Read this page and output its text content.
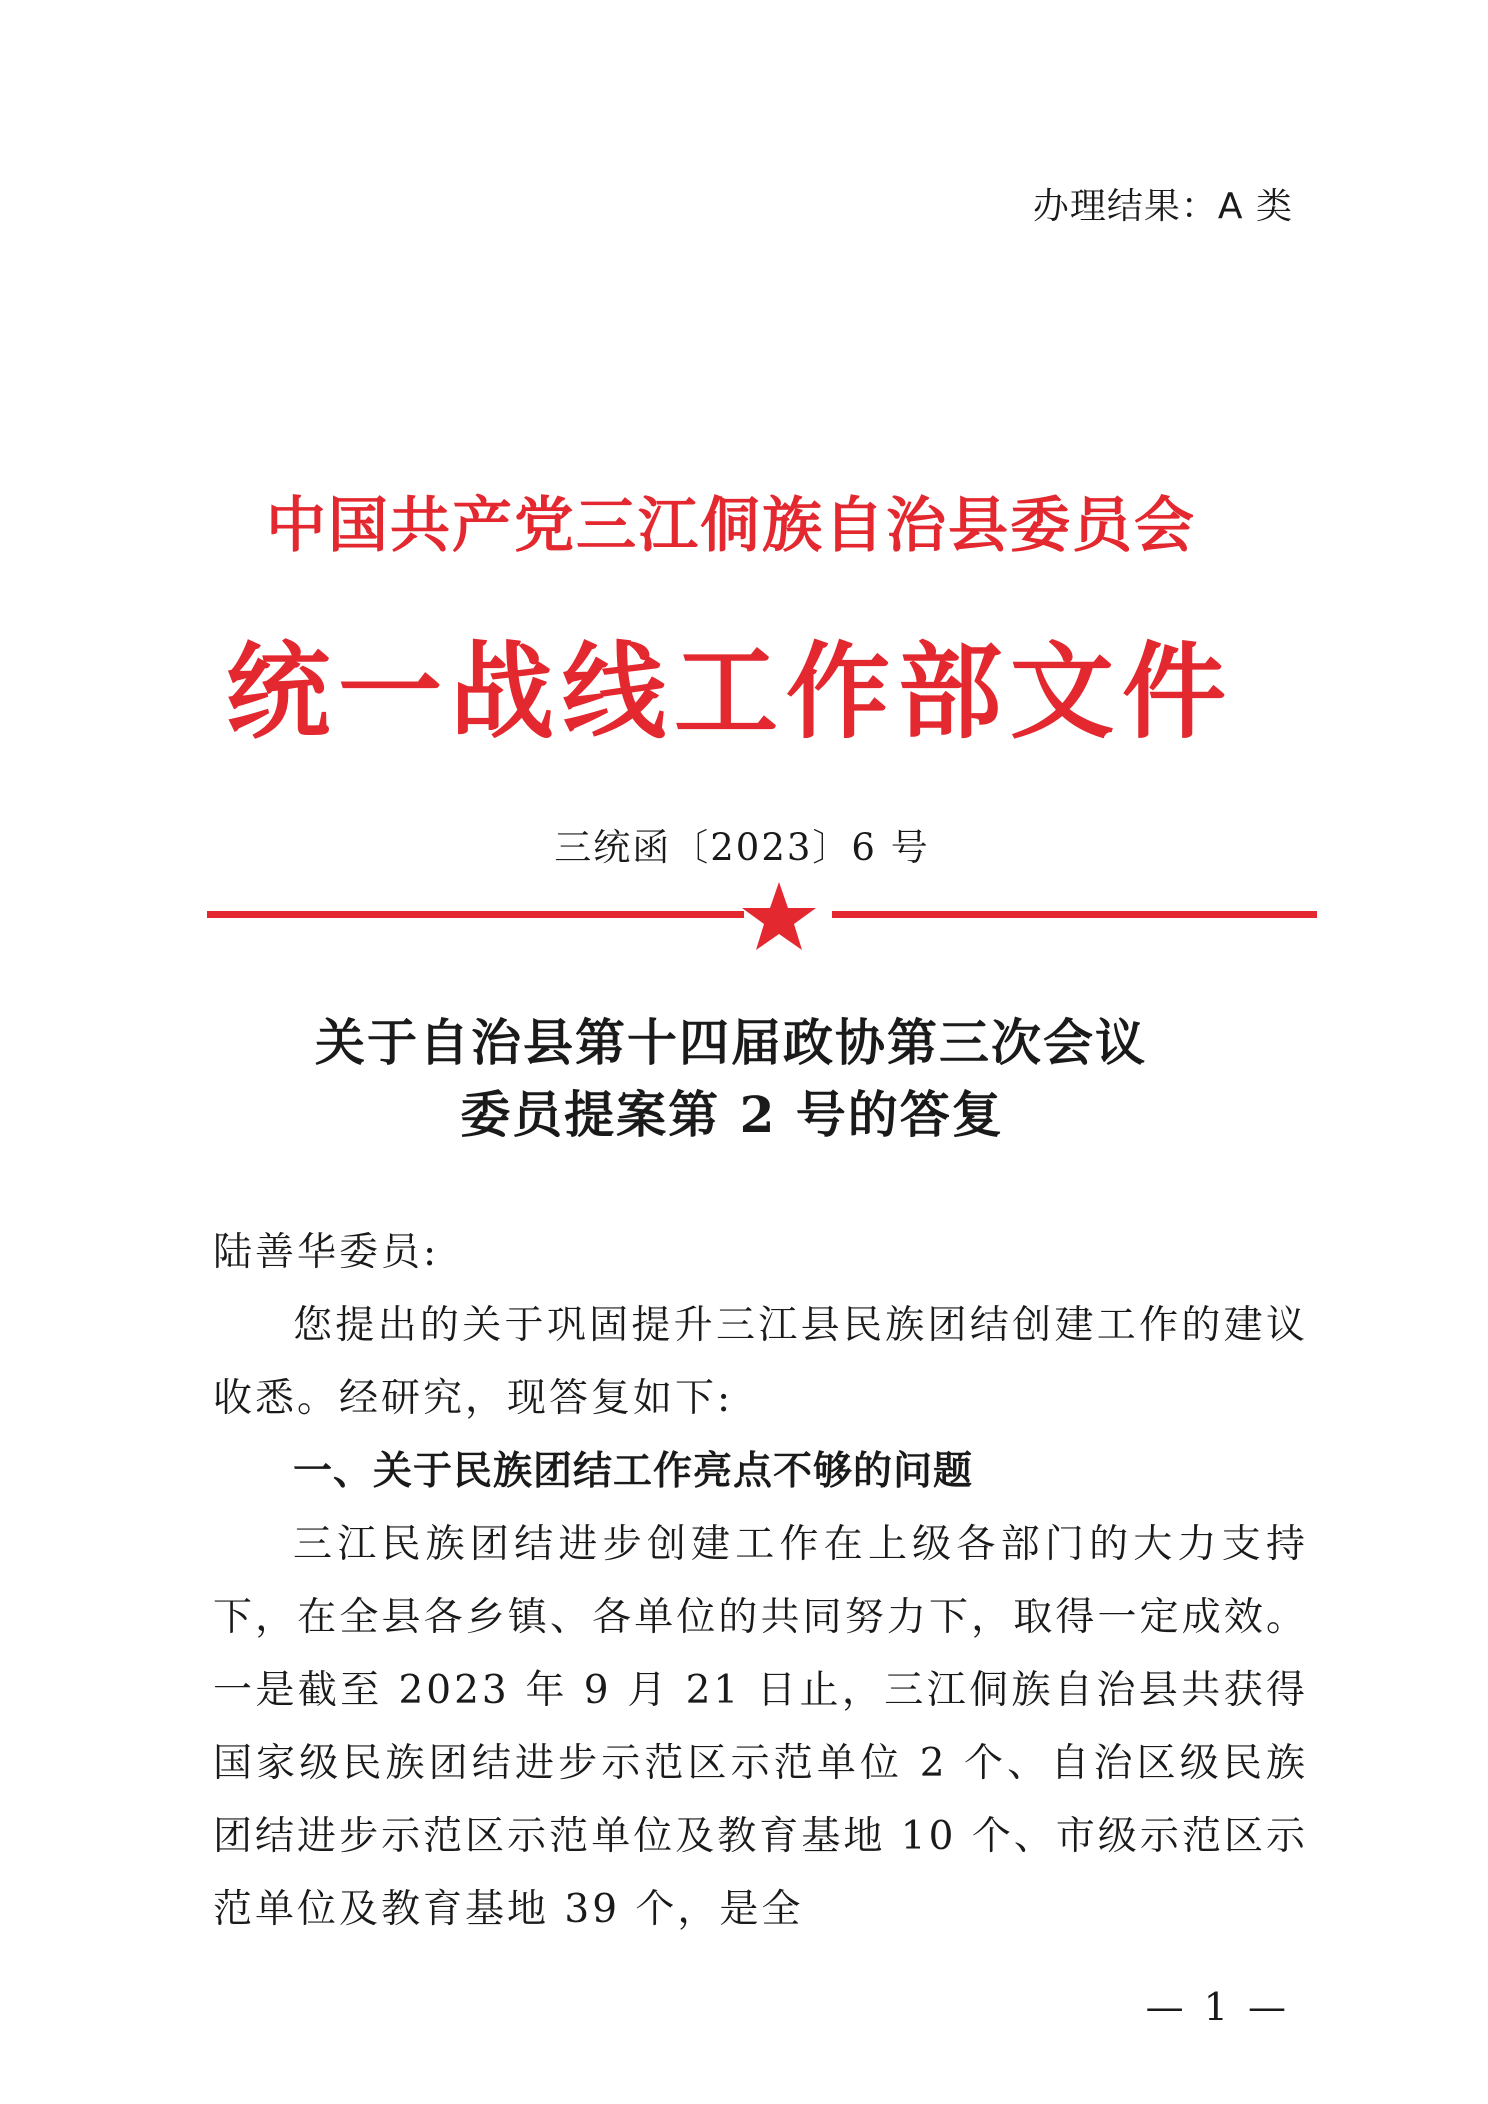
办理结果：A 类
中国共产党三江侗族自治县委员会
统一战线工作部文件
三统函〔2023〕6 号
关于自治县第十四届政协第三次会议
委员提案第 2 号的答复

陆善华委员:

您提出的关于巩固提升三江县民族团结创建工作的建议收悉。经研究，现答复如下:

一、关于民族团结工作亮点不够的问题

三江民族团结进步创建工作在上级各部门的大力支持下，在全县各乡镇、各单位的共同努力下，取得一定成效。一是截至 2023 年 9 月 21 日止，三江侗族自治县共获得国家级民族团结进步示范区示范单位 2 个、自治区级民族团结进步示范区示范单位及教育基地 10 个、市级示范区示范单位及教育基地 39 个，是全

— 1 —
